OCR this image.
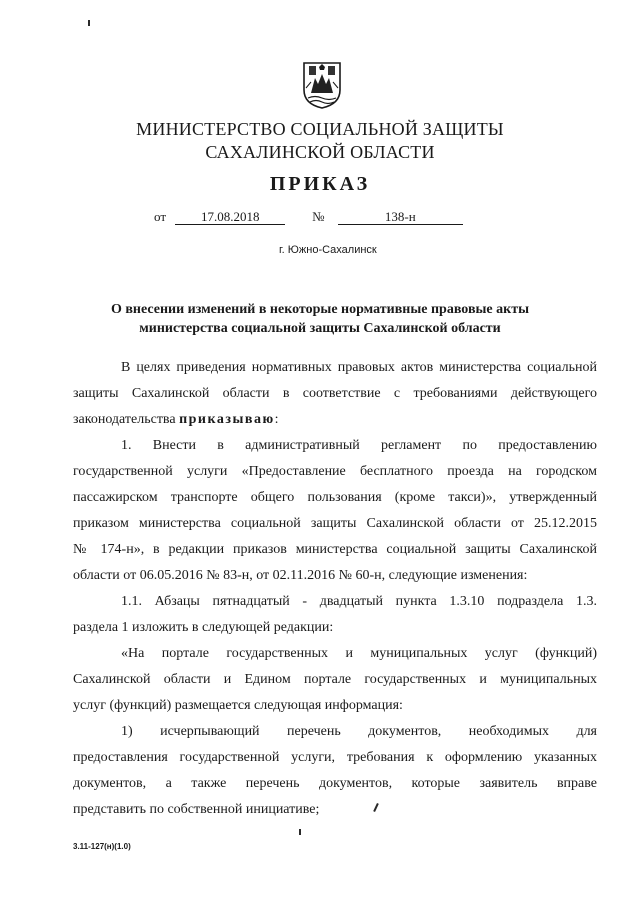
МИНИСТЕРСТВО СОЦИАЛЬНОЙ ЗАЩИТЫ
САХАЛИНСКОЙ ОБЛАСТИ
ПРИКАЗ
от	17.08.2018	№	138-н
г. Южно-Сахалинск
О внесении изменений в некоторые нормативные правовые акты
министерства социальной защиты Сахалинской области
В целях приведения нормативных правовых актов министерства социальной
защиты Сахалинской области в соответствие с требованиями действующего
законодательства приказываю:
1. Внести в административный регламент по предоставлению
государственной услуги «Предоставление бесплатного проезда на городском
пассажирском транспорте общего пользования (кроме такси)», утвержденный
приказом министерства социальной защиты Сахалинской области от 25.12.2015
№ 174-н», в редакции приказов министерства социальной защиты Сахалинской
области от 06.05.2016 № 83-н, от 02.11.2016 № 60-н, следующие изменения:
1.1. Абзацы пятнадцатый - двадцатый пункта 1.3.10 подраздела 1.3.
раздела 1 изложить в следующей редакции:
«На портале государственных и муниципальных услуг (функций)
Сахалинской области и Едином портале государственных и муниципальных
услуг (функций) размещается следующая информация:
1) исчерпывающий перечень документов, необходимых для
предоставления государственной услуги, требования к оформлению указанных
документов, а также перечень документов, которые заявитель вправе
представить по собственной инициативе;
3.11-127(н)(1.0)
